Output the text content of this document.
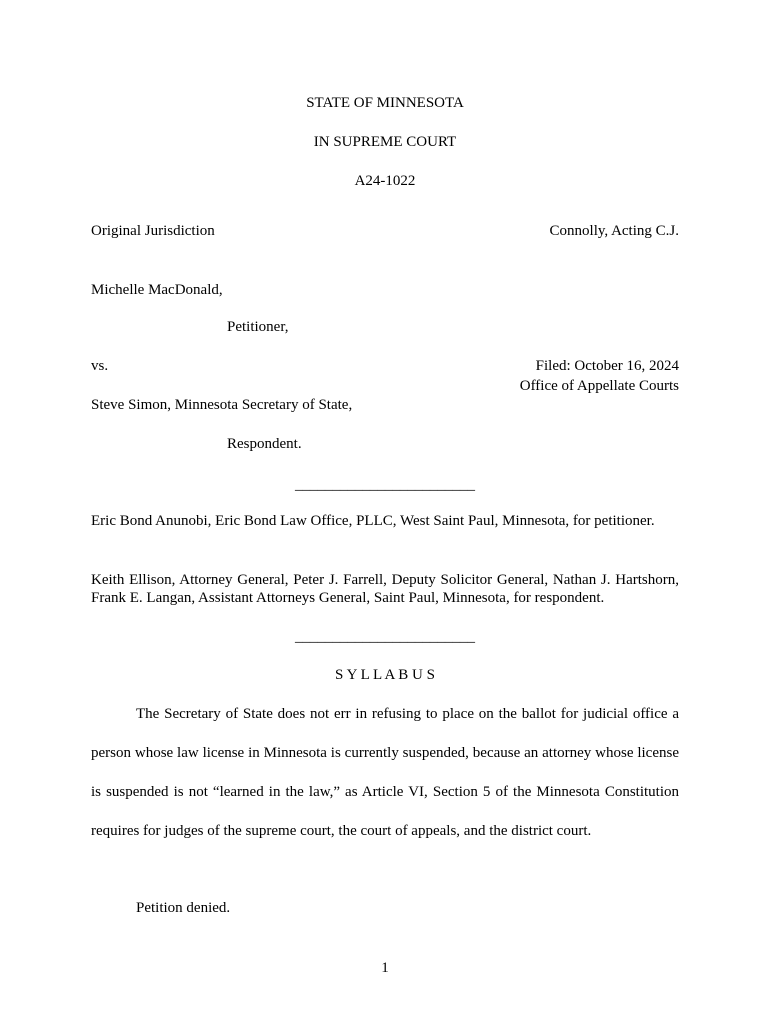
STATE OF MINNESOTA
IN SUPREME COURT
A24-1022
Original Jurisdiction	Connolly, Acting C.J.
Michelle MacDonald,
Petitioner,
vs.	Filed: October 16, 2024
Office of Appellate Courts
Steve Simon, Minnesota Secretary of State,
Respondent.
________________________
Eric Bond Anunobi, Eric Bond Law Office, PLLC, West Saint Paul, Minnesota, for petitioner.
Keith Ellison, Attorney General, Peter J. Farrell, Deputy Solicitor General, Nathan J. Hartshorn, Frank E. Langan, Assistant Attorneys General, Saint Paul, Minnesota, for respondent.
________________________
S Y L L A B U S
The Secretary of State does not err in refusing to place on the ballot for judicial office a person whose law license in Minnesota is currently suspended, because an attorney whose license is suspended is not “learned in the law,” as Article VI, Section 5 of the Minnesota Constitution requires for judges of the supreme court, the court of appeals, and the district court.
Petition denied.
1
